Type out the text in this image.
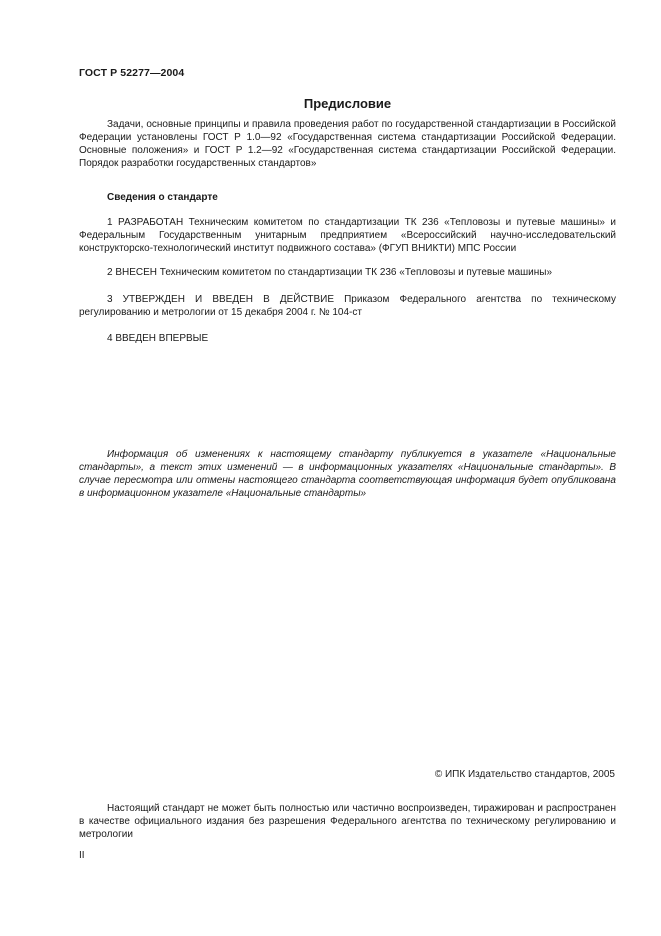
ГОСТ Р 52277—2004
Предисловие

Задачи, основные принципы и правила проведения работ по государственной стандартизации в Российской Федерации установлены ГОСТ Р 1.0—92 «Государственная система стандартизации Российской Федерации. Основные положения» и ГОСТ Р 1.2—92 «Государственная система стандартизации Российской Федерации. Порядок разработки государственных стандартов»

Сведения о стандарте

1 РАЗРАБОТАН Техническим комитетом по стандартизации ТК 236 «Тепловозы и путевые машины» и Федеральным Государственным унитарным предприятием «Всероссийский научно-исследовательский конструкторско-технологический институт подвижного состава» (ФГУП ВНИКТИ) МПС России

2 ВНЕСЕН Техническим комитетом по стандартизации ТК 236 «Тепловозы и путевые машины»

3 УТВЕРЖДЕН И ВВЕДЕН В ДЕЙСТВИЕ Приказом Федерального агентства по техническому регулированию и метрологии от 15 декабря 2004 г. № 104-ст

4 ВВЕДЕН ВПЕРВЫЕ

Информация об изменениях к настоящему стандарту публикуется в указателе «Национальные стандарты», а текст этих изменений — в информационных указателях «Национальные стандарты». В случае пересмотра или отмены настоящего стандарта соответствующая информация будет опубликована в информационном указателе «Национальные стандарты»

© ИПК Издательство стандартов, 2005

Настоящий стандарт не может быть полностью или частично воспроизведен, тиражирован и распространен в качестве официального издания без разрешения Федерального агентства по техническому регулированию и метрологии

II
